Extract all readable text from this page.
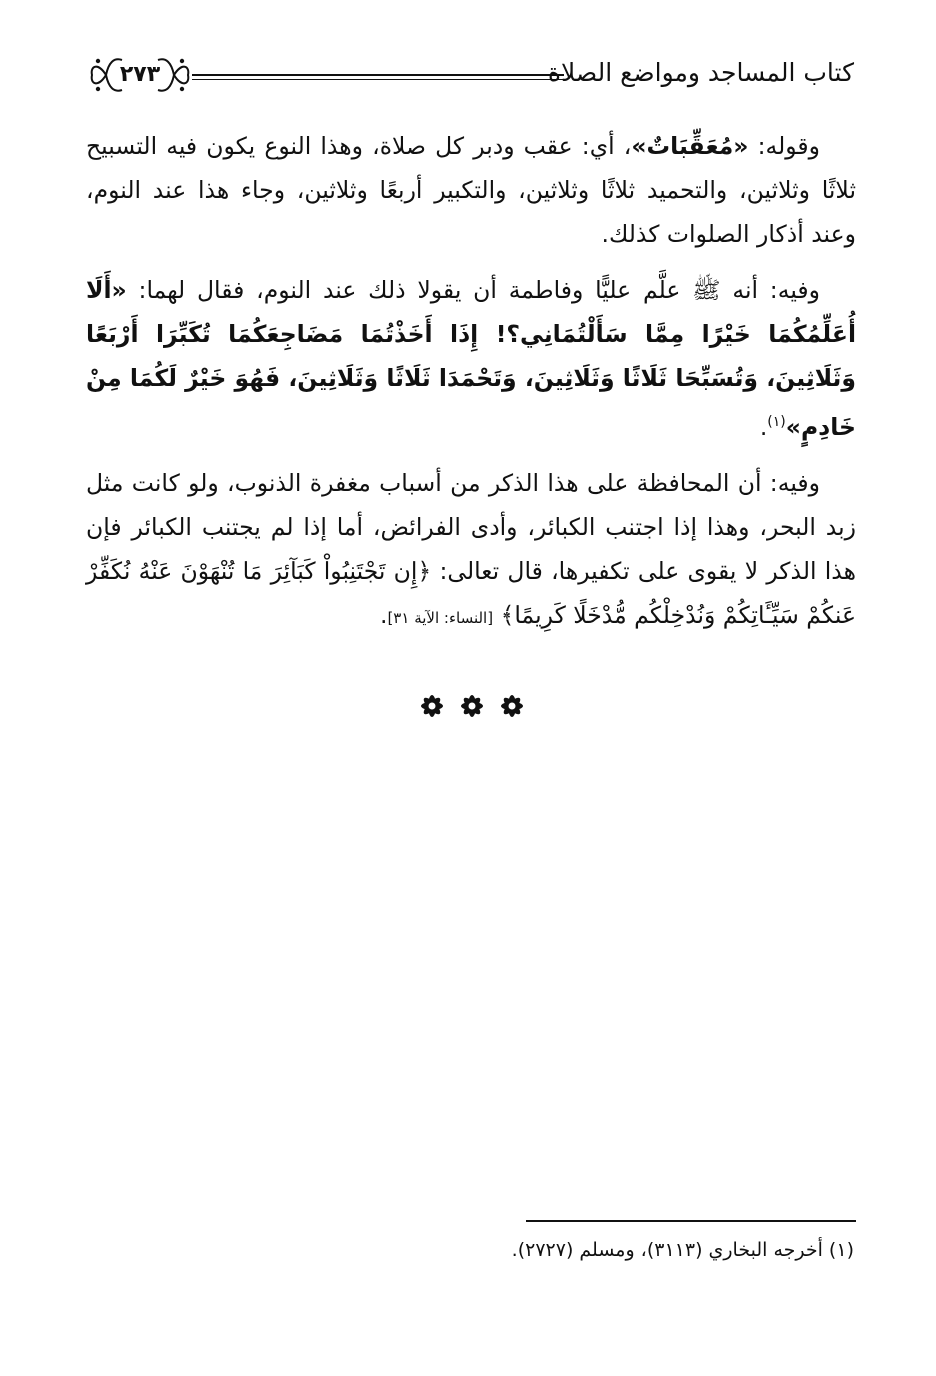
كتاب المساجد ومواضع الصلاة
٢٧٣

وقوله: «مُعَقِّبَاتٌ»، أي: عقب ودبر كل صلاة، وهذا النوع يكون فيه التسبيح ثلاثًا وثلاثين، والتحميد ثلاثًا وثلاثين، والتكبير أربعًا وثلاثين، وجاء هذا عند النوم، وعند أذكار الصلوات كذلك.

وفيه: أنه ﷺ علَّم عليًّا وفاطمة أن يقولا ذلك عند النوم، فقال لهما: «أَلَا أُعَلِّمُكُمَا خَيْرًا مِمَّا سَأَلْتُمَانِي؟! إِذَا أَخَذْتُمَا مَضَاجِعَكُمَا تُكَبِّرَا أَرْبَعًا وَثَلَاثِينَ، وَتُسَبِّحَا ثَلَاثًا وَثَلَاثِينَ، وَتَحْمَدَا ثَلَاثًا وَثَلَاثِينَ، فَهُوَ خَيْرٌ لَكُمَا مِنْ خَادِمٍ»$^{(١)}$.

وفيه: أن المحافظة على هذا الذكر من أسباب مغفرة الذنوب، ولو كانت مثل زبد البحر، وهذا إذا اجتنب الكبائر، وأدى الفرائض، أما إذا لم يجتنب الكبائر فإن هذا الذكر لا يقوى على تكفيرها، قال تعالى: ﴿إِن تَجْتَنِبُواْ كَبَآئِرَ مَا تُنْهَوْنَ عَنْهُ نُكَفِّرْ عَنكُمْ سَيِّـَٔاتِكُمْ وَنُدْخِلْكُم مُّدْخَلًا كَرِيمًا﴾ [النساء: الآية ٣١].

(١) أخرجه البخاري (٣١١٣)، ومسلم (٢٧٢٧).
